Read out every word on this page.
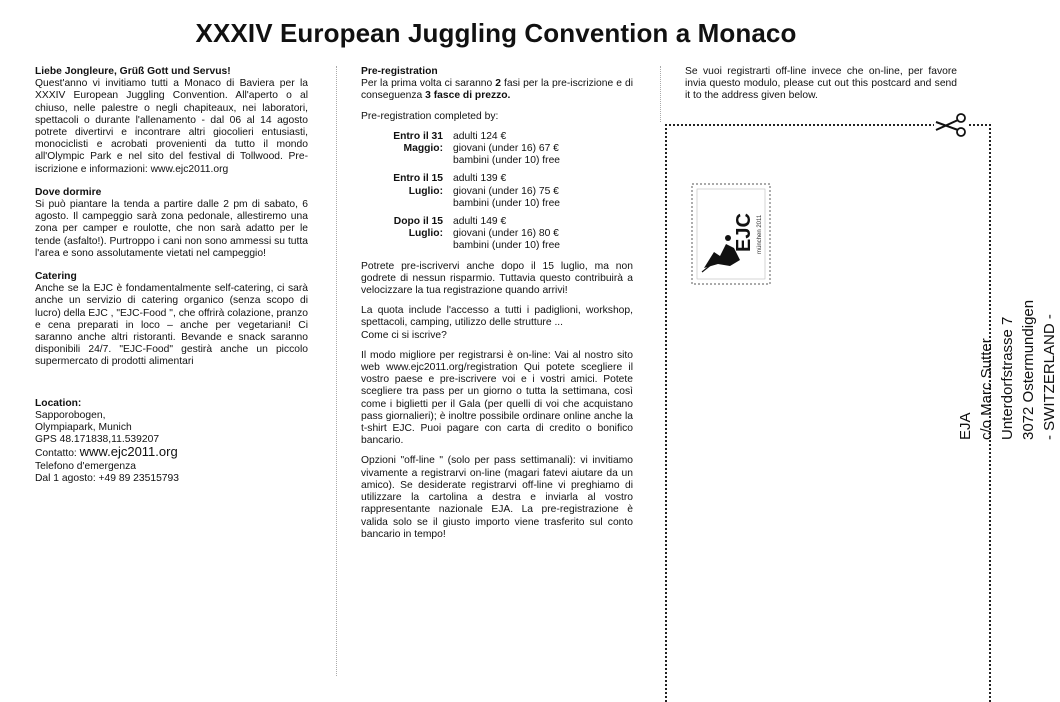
XXXIV European Juggling Convention a Monaco
Liebe Jongleure, Grüß Gott und Servus!

Quest'anno vi invitiamo tutti a Monaco di Baviera per la XXXIV European Juggling Convention. All'aperto o al chiuso, nelle palestre o negli chapiteaux, nei laboratori, spettacoli o durante l'allenamento - dal 06 al 14 agosto potrete divertirvi e incontrare altri giocolieri entusiasti, monociclisti e acrobati provenienti da tutto il mondo all'Olympic Park e nel sito del festival di Tollwood. Pre-iscrizione e informazioni: www.ejc2011.org

Dove dormire

Si può piantare la tenda a partire dalle 2 pm di sabato, 6 agosto. Il campeggio sarà zona pedonale, allestiremo una zona per camper e roulotte, che non sarà adatto per le tende (asfalto!). Purtroppo i cani non sono ammessi su tutta l'area e sono assolutamente vietati nel campeggio!

Catering

Anche se la EJC è fondamentalmente self-catering, ci sarà anche un servizio di catering organico (senza scopo di lucro) della EJC , "EJC-Food ", che offrirà colazione, pranzo e cena preparati in loco – anche per vegetariani! Ci saranno anche altri ristoranti. Bevande e snack saranno disponibili 24/7. "EJC-Food" gestirà anche un piccolo supermercato di prodotti alimentari

Location:
Sapporobogen,
Olympiapark, Munich
GPS 48.171838,11.539207
Contatto: www.ejc2011.org
Telefono d'emergenza
Dal 1 agosto: +49 89 23515793
Pre-registration

Per la prima volta ci saranno 2 fasi per la pre-iscrizione e di conseguenza 3 fasce di prezzo.

Pre-registration completed by:

Entro il 31
Maggio:	adulti 124 €
giovani (under 16) 67 €
bambini (under 10) free

Entro il 15
Luglio:	adulti 139 €
giovani (under 16) 75 €
bambini (under 10) free

Dopo il 15
Luglio:	adulti 149 €
giovani (under 16) 80 €
bambini (under 10) free

Potrete pre-iscrivervi anche dopo il 15 luglio, ma non godrete di nessun risparmio. Tuttavia questo contribuirà a velocizzare la tua registrazione quando arrivi!

La quota include l'accesso a tutti i padiglioni, workshop, spettacoli, camping, utilizzo delle strutture ...

Come ci si iscrive?

Il modo migliore per registrarsi è on-line: Vai al nostro sito web www.ejc2011.org/registration Qui potete scegliere il vostro paese e pre-iscrivere voi e i vostri amici. Potete scegliere tra pass per un giorno o tutta la settimana, così come i biglietti per il Gala (per quelli di voi che acquistano pass giornalieri); è inoltre possibile ordinare online anche la t-shirt EJC. Puoi pagare con carta di credito o bonifico bancario.

Opzioni "off-line " (solo per pass settimanali): vi invitiamo vivamente a registrarvi on-line (magari fatevi aiutare da un amico). Se desiderate registrarvi off-line vi preghiamo di utilizzare la cartolina a destra e inviarla al vostro rappresentante nazionale EJA. La pre-registrazione è valida solo se il giusto importo viene trasferito sul conto bancario in tempo!

Se vuoi registrarti off-line invece che on-line, per favore invia questo modulo, please cut out this postcard and send it to the address given below.

EJC münchen 2011
EJA c/o Marc Sutter Unterdorfstrasse 7 3072 Ostermundigen - SWITZERLAND -
